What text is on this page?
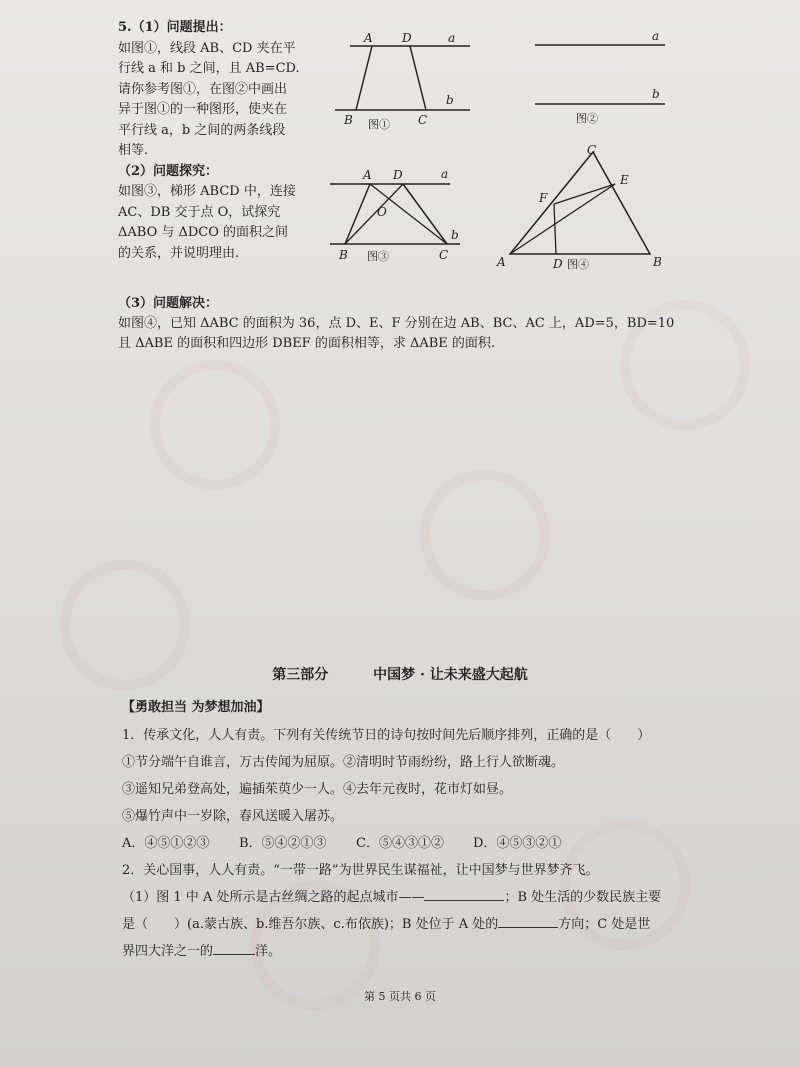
5.（1）问题提出：

如图①，线段 AB、CD 夹在平

行线 a 和 b 之间，且 AB=CD.

请你参考图①，在图②中画出

异于图①的一种图形，使夹在

平行线 a，b 之间的两条线段

相等.

（2）问题探究：

如图③，梯形 ABCD 中，连接

AC、DB 交于点 O，试探究

ΔABO 与 ΔDCO 的面积之间

的关系，并说明理由.

A D	a
B	C
b
图①
a
b
图②
A D	a
O
B	C
b
图③
C
E
F
A	D	B
图④

（3）问题解决：

如图④，已知 ΔABC 的面积为 36，点 D、E、F 分别在边 AB、BC、AC 上，AD=5，BD=10

且 ΔABE 的面积和四边形 DBEF 的面积相等，求 ΔABE 的面积.

第三部分	中国梦 · 让未来盛大起航
【勇敢担当 为梦想加油】

1．传承文化，人人有责。下列有关传统节日的诗句按时间先后顺序排列，正确的是（　　）

①节分端午自谁言，万古传闻为屈原。②清明时节雨纷纷，路上行人欲断魂。

③遥知兄弟登高处，遍插茱萸少一人。④去年元夜时，花市灯如昼。

⑤爆竹声中一岁除，春风送暖入屠苏。

A．④⑤①②③ B．⑤④②①③ C．⑤④③①② D．④⑤③②①

2．关心国事，人人有责。“一带一路”为世界民生谋福祉，让中国梦与世界梦齐飞。

（1）图 1 中 A 处所示是古丝绸之路的起点城市——	；B 处生活的少数民族主要

是（　　）(a.蒙古族、b.维吾尔族、c.布依族)；B 处位于 A 处的	方向；C 处是世

界四大洋之一的	洋。

第 5 页共 6 页
